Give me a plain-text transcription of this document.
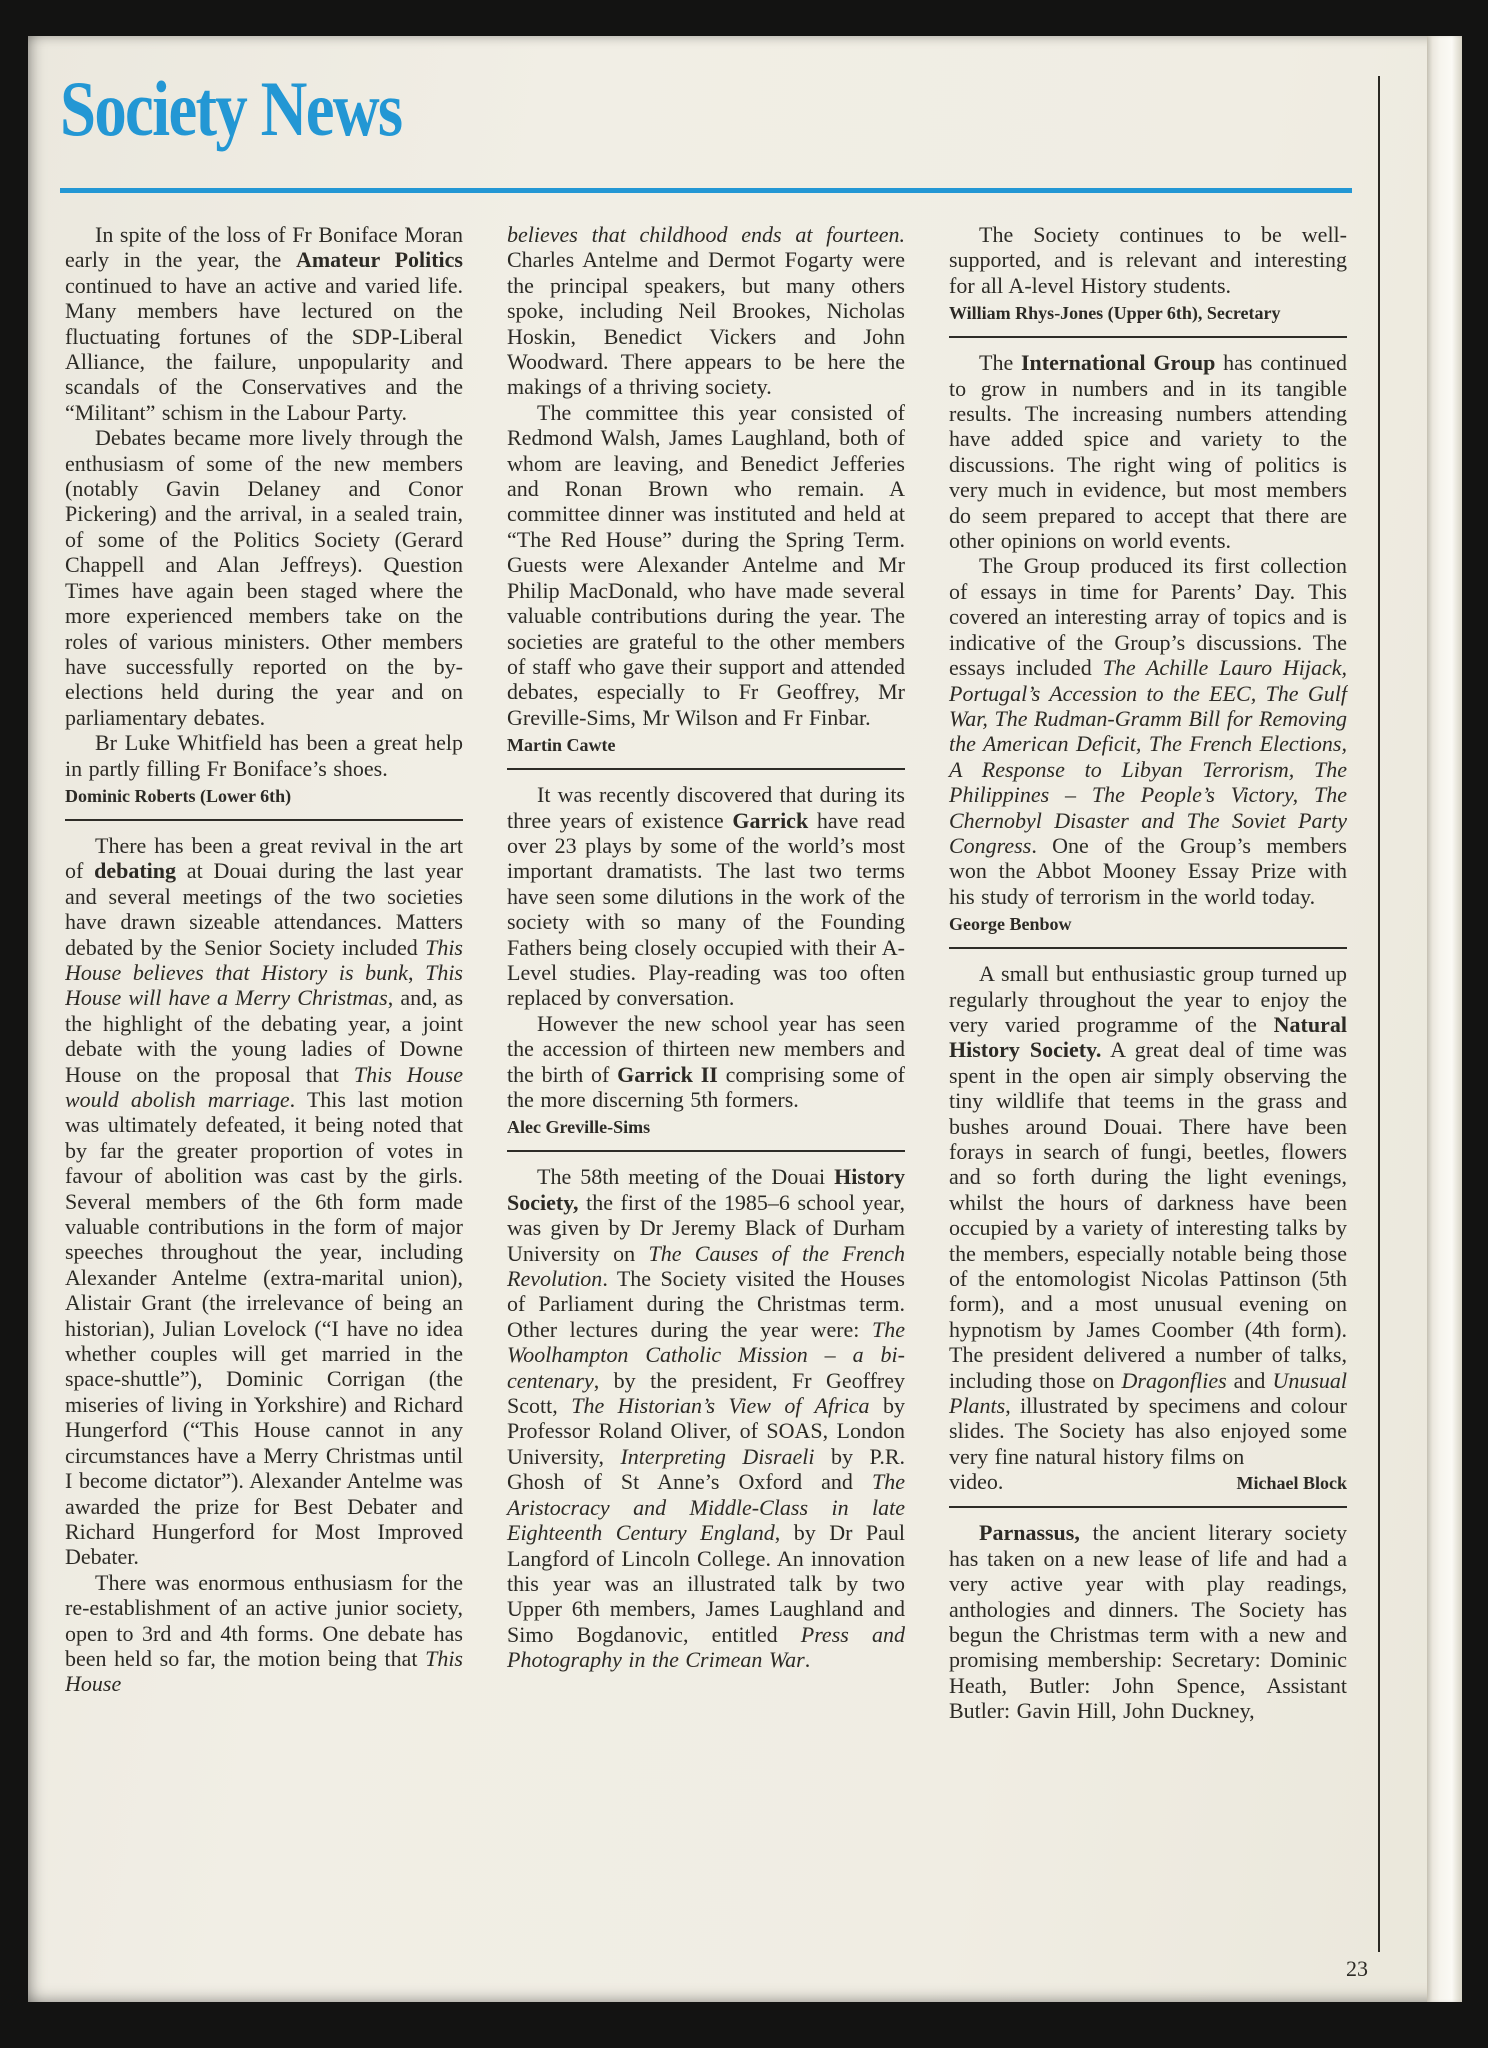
Society News

In spite of the loss of Fr Boniface Moran early in the year, the Amateur Politics continued to have an active and varied life. Many members have lectured on the fluctuating fortunes of the SDP-Liberal Alliance, the failure, unpopularity and scandals of the Conservatives and the “Militant” schism in the Labour Party.

Debates became more lively through the enthusiasm of some of the new members (notably Gavin Delaney and Conor Pickering) and the arrival, in a sealed train, of some of the Politics Society (Gerard Chappell and Alan Jeffreys). Question Times have again been staged where the more experienced members take on the roles of various ministers. Other members have successfully reported on the by-elections held during the year and on parliamentary debates.

Br Luke Whitfield has been a great help in partly filling Fr Boniface’s shoes.

Dominic Roberts (Lower 6th)

There has been a great revival in the art of debating at Douai during the last year and several meetings of the two societies have drawn sizeable attendances. Matters debated by the Senior Society included This House believes that History is bunk, This House will have a Merry Christmas, and, as the highlight of the debating year, a joint debate with the young ladies of Downe House on the proposal that This House would abolish marriage. This last motion was ultimately defeated, it being noted that by far the greater proportion of votes in favour of abolition was cast by the girls. Several members of the 6th form made valuable contributions in the form of major speeches throughout the year, including Alexander Antelme (extra-marital union), Alistair Grant (the irrelevance of being an historian), Julian Lovelock (“I have no idea whether couples will get married in the space-shuttle”), Dominic Corrigan (the miseries of living in Yorkshire) and Richard Hungerford (“This House cannot in any circumstances have a Merry Christmas until I become dictator”). Alexander Antelme was awarded the prize for Best Debater and Richard Hungerford for Most Improved Debater.

There was enormous enthusiasm for the re-establishment of an active junior society, open to 3rd and 4th forms. One debate has been held so far, the motion being that This House

believes that childhood ends at fourteen. Charles Antelme and Dermot Fogarty were the principal speakers, but many others spoke, including Neil Brookes, Nicholas Hoskin, Benedict Vickers and John Woodward. There appears to be here the makings of a thriving society.

The committee this year consisted of Redmond Walsh, James Laughland, both of whom are leaving, and Benedict Jefferies and Ronan Brown who remain. A committee dinner was instituted and held at “The Red House” during the Spring Term. Guests were Alexander Antelme and Mr Philip MacDonald, who have made several valuable contributions during the year. The societies are grateful to the other members of staff who gave their support and attended debates, especially to Fr Geoffrey, Mr Greville-Sims, Mr Wilson and Fr Finbar.

Martin Cawte

It was recently discovered that during its three years of existence Garrick have read over 23 plays by some of the world’s most important dramatists. The last two terms have seen some dilutions in the work of the society with so many of the Founding Fathers being closely occupied with their A-Level studies. Play-reading was too often replaced by conversation.

However the new school year has seen the accession of thirteen new members and the birth of Garrick II comprising some of the more discerning 5th formers.

Alec Greville-Sims

The 58th meeting of the Douai History Society, the first of the 1985–6 school year, was given by Dr Jeremy Black of Durham University on The Causes of the French Revolution. The Society visited the Houses of Parliament during the Christmas term. Other lectures during the year were: The Woolhampton Catholic Mission – a bi-centenary, by the president, Fr Geoffrey Scott, The Historian’s View of Africa by Professor Roland Oliver, of SOAS, London University, Interpreting Disraeli by P.R. Ghosh of St Anne’s Oxford and The Aristocracy and Middle-Class in late Eighteenth Century England, by Dr Paul Langford of Lincoln College. An innovation this year was an illustrated talk by two Upper 6th members, James Laughland and Simo Bogdanovic, entitled Press and Photography in the Crimean War.

The Society continues to be well-supported, and is relevant and interesting for all A-level History students.

William Rhys-Jones (Upper 6th), Secretary

The International Group has continued to grow in numbers and in its tangible results. The increasing numbers attending have added spice and variety to the discussions. The right wing of politics is very much in evidence, but most members do seem prepared to accept that there are other opinions on world events.

The Group produced its first collection of essays in time for Parents’ Day. This covered an interesting array of topics and is indicative of the Group’s discussions. The essays included The Achille Lauro Hijack, Portugal’s Accession to the EEC, The Gulf War, The Rudman-Gramm Bill for Removing the American Deficit, The French Elections, A Response to Libyan Terrorism, The Philippines – The People’s Victory, The Chernobyl Disaster and The Soviet Party Congress. One of the Group’s members won the Abbot Mooney Essay Prize with his study of terrorism in the world today.

George Benbow

A small but enthusiastic group turned up regularly throughout the year to enjoy the very varied programme of the Natural History Society. A great deal of time was spent in the open air simply observing the tiny wildlife that teems in the grass and bushes around Douai. There have been forays in search of fungi, beetles, flowers and so forth during the light evenings, whilst the hours of darkness have been occupied by a variety of interesting talks by the members, especially notable being those of the entomologist Nicolas Pattinson (5th form), and a most unusual evening on hypnotism by James Coomber (4th form). The president delivered a number of talks, including those on Dragonflies and Unusual Plants, illustrated by specimens and colour slides. The Society has also enjoyed some very fine natural history films on

video.	Michael Block

Parnassus, the ancient literary society has taken on a new lease of life and had a very active year with play readings, anthologies and dinners. The Society has begun the Christmas term with a new and promising membership: Secretary: Dominic Heath, Butler: John Spence, Assistant Butler: Gavin Hill, John Duckney,

23
